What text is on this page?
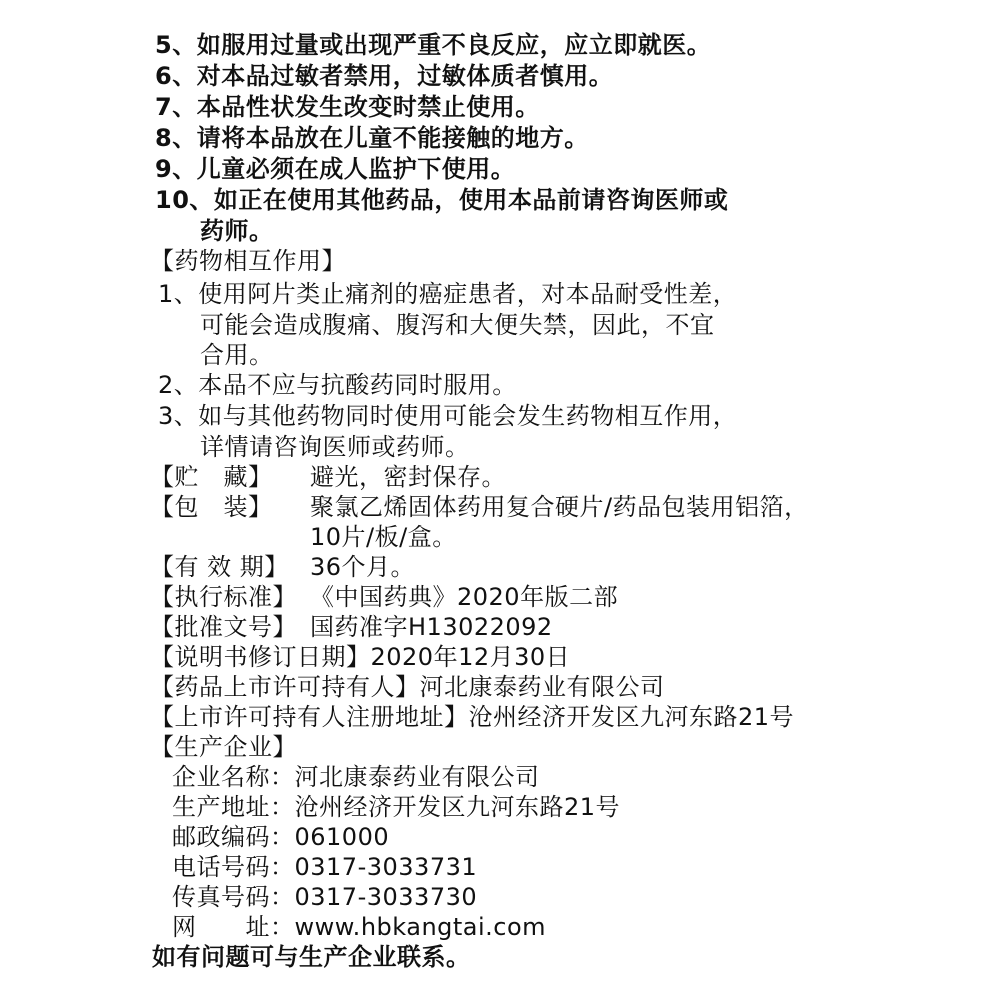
5、如服用过量或出现严重不良反应，应立即就医。
6、对本品过敏者禁用，过敏体质者慎用。
7、本品性状发生改变时禁止使用。
8、请将本品放在儿童不能接触的地方。
9、儿童必须在成人监护下使用。
10、如正在使用其他药品，使用本品前请咨询医师或
药师。
【药物相互作用】
1、使用阿片类止痛剂的癌症患者，对本品耐受性差，
可能会造成腹痛、腹泻和大便失禁，因此，不宜
合用。
2、本品不应与抗酸药同时服用。
3、如与其他药物同时使用可能会发生药物相互作用，
详情请咨询医师或药师。
【贮　藏】 避光，密封保存。
【包　装】 聚氯乙烯固体药用复合硬片/药品包装用铝箔，
10片/板/盒。
【有 效 期】 36个月。
【执行标准】 《中国药典》2020年版二部
【批准文号】 国药准字H13022092
【说明书修订日期】2020年12月30日
【药品上市许可持有人】河北康泰药业有限公司
【上市许可持有人注册地址】沧州经济开发区九河东路21号
【生产企业】
企业名称：河北康泰药业有限公司
生产地址：沧州经济开发区九河东路21号
邮政编码：061000
电话号码：0317-3033731
传真号码：0317-3033730
网　　址：www.hbkangtai.com
如有问题可与生产企业联系。
